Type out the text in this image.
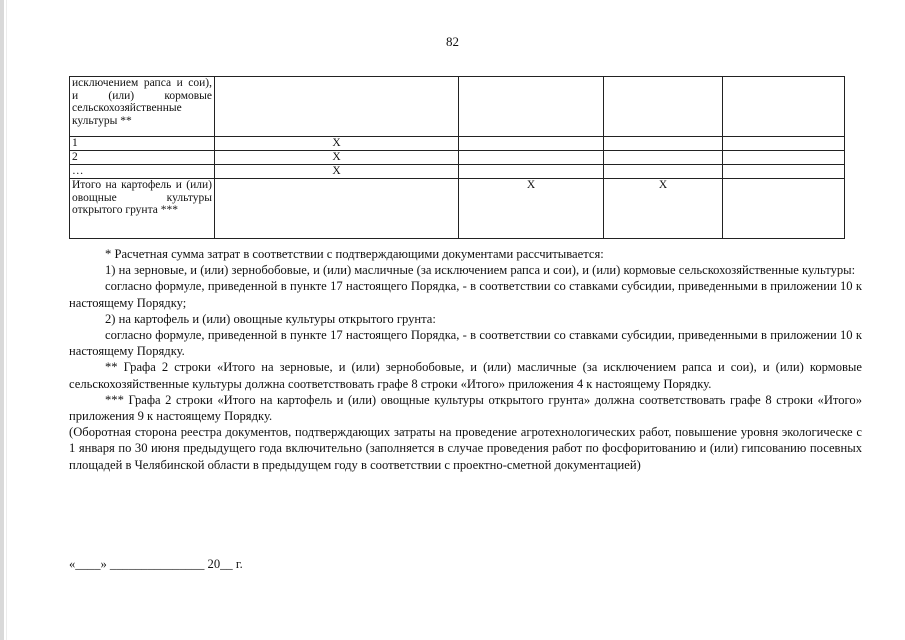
82
исключением рапса и сои), и (или) кормовые сельскохозяйственные культуры **				
1	Х			
2	Х			
…	Х			
Итого на картофель и (или) овощные культуры открытого грунта ***		Х	Х	

* Расчетная сумма затрат в соответствии с подтверждающими документами рассчитывается:

1) на зерновые, и (или) зернобобовые, и (или) масличные (за исключением рапса и сои), и (или) кормовые сельскохозяйственные культуры:

согласно формуле, приведенной в пункте 17 настоящего Порядка, - в соответствии со ставками субсидии, приведенными в приложении 10 к настоящему Порядку;

2) на картофель и (или) овощные культуры открытого грунта:

согласно формуле, приведенной в пункте 17 настоящего Порядка, - в соответствии со ставками субсидии, приведенными в приложении 10 к настоящему Порядку.

** Графа 2 строки «Итого на зерновые, и (или) зернобобовые, и (или) масличные (за исключением рапса и сои), и (или) кормовые сельскохозяйственные культуры должна соответствовать графе 8 строки «Итого» приложения 4 к настоящему Порядку.

*** Графа 2 строки «Итого на картофель и (или) овощные культуры открытого грунта» должна соответствовать графе 8 строки «Итого» приложения 9 к настоящему Порядку.

(Оборотная сторона реестра документов, подтверждающих затраты на проведение агротехнологических работ, повышение уровня экологическе с 1 января по 30 июня предыдущего года включительно (заполняется в случае проведения работ по фосфоритованию и (или) гипсованию посевных площадей в Челябинской области в предыдущем году в соответствии с проектно-сметной документацией)

«____» _______________ 20__ г.
